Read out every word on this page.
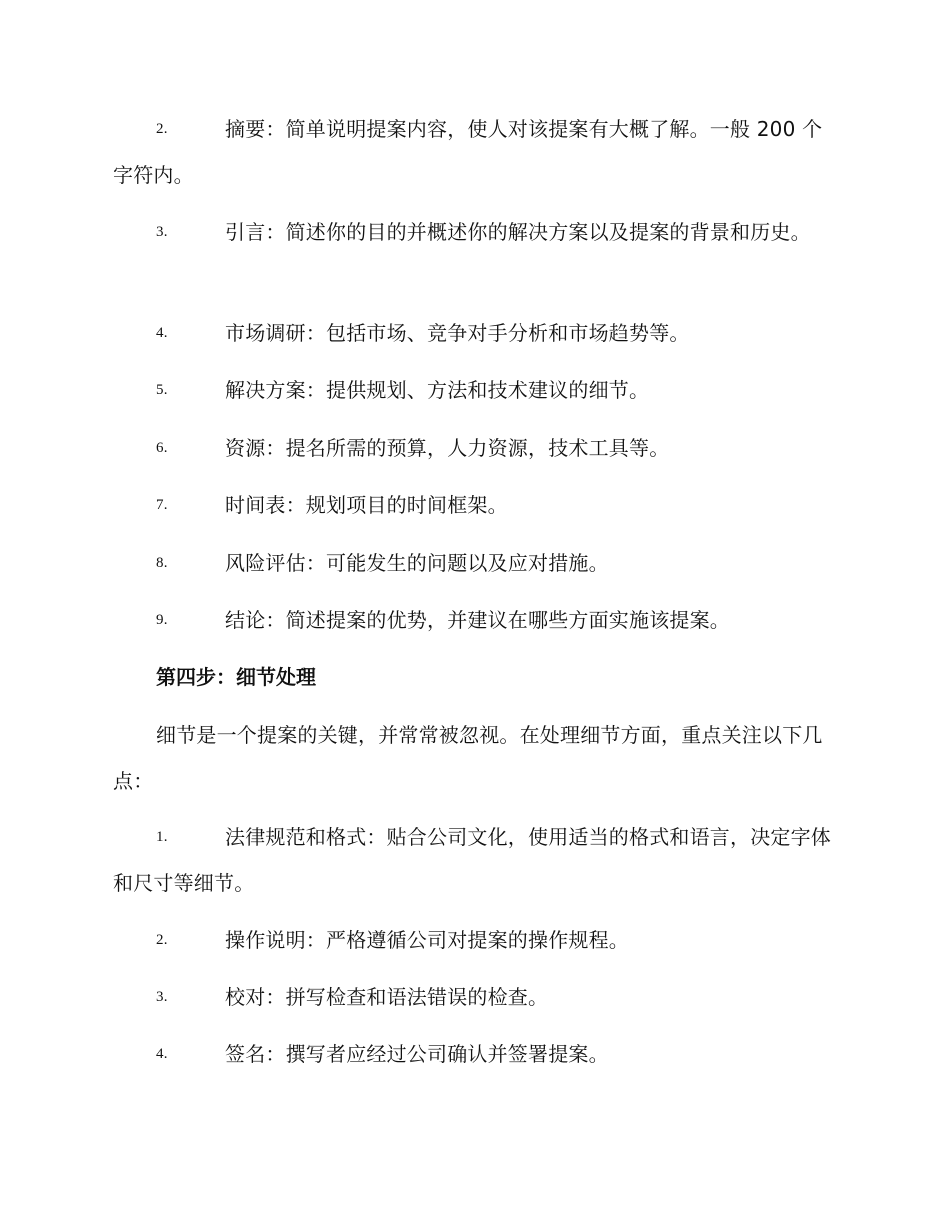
2.	摘要：简单说明提案内容，使人对该提案有大概了解。一般 200 个字符内。
3.	引言：简述你的目的并概述你的解决方案以及提案的背景和历史。
4.	市场调研：包括市场、竞争对手分析和市场趋势等。
5.	解决方案：提供规划、方法和技术建议的细节。
6.	资源：提名所需的预算，人力资源，技术工具等。
7.	时间表：规划项目的时间框架。
8.	风险评估：可能发生的问题以及应对措施。
9.	结论：简述提案的优势，并建议在哪些方面实施该提案。
第四步：细节处理
细节是一个提案的关键，并常常被忽视。在处理细节方面，重点关注以下几点：
1.	法律规范和格式：贴合公司文化，使用适当的格式和语言，决定字体和尺寸等细节。
2.	操作说明：严格遵循公司对提案的操作规程。
3.	校对：拼写检查和语法错误的检查。
4.	签名：撰写者应经过公司确认并签署提案。
